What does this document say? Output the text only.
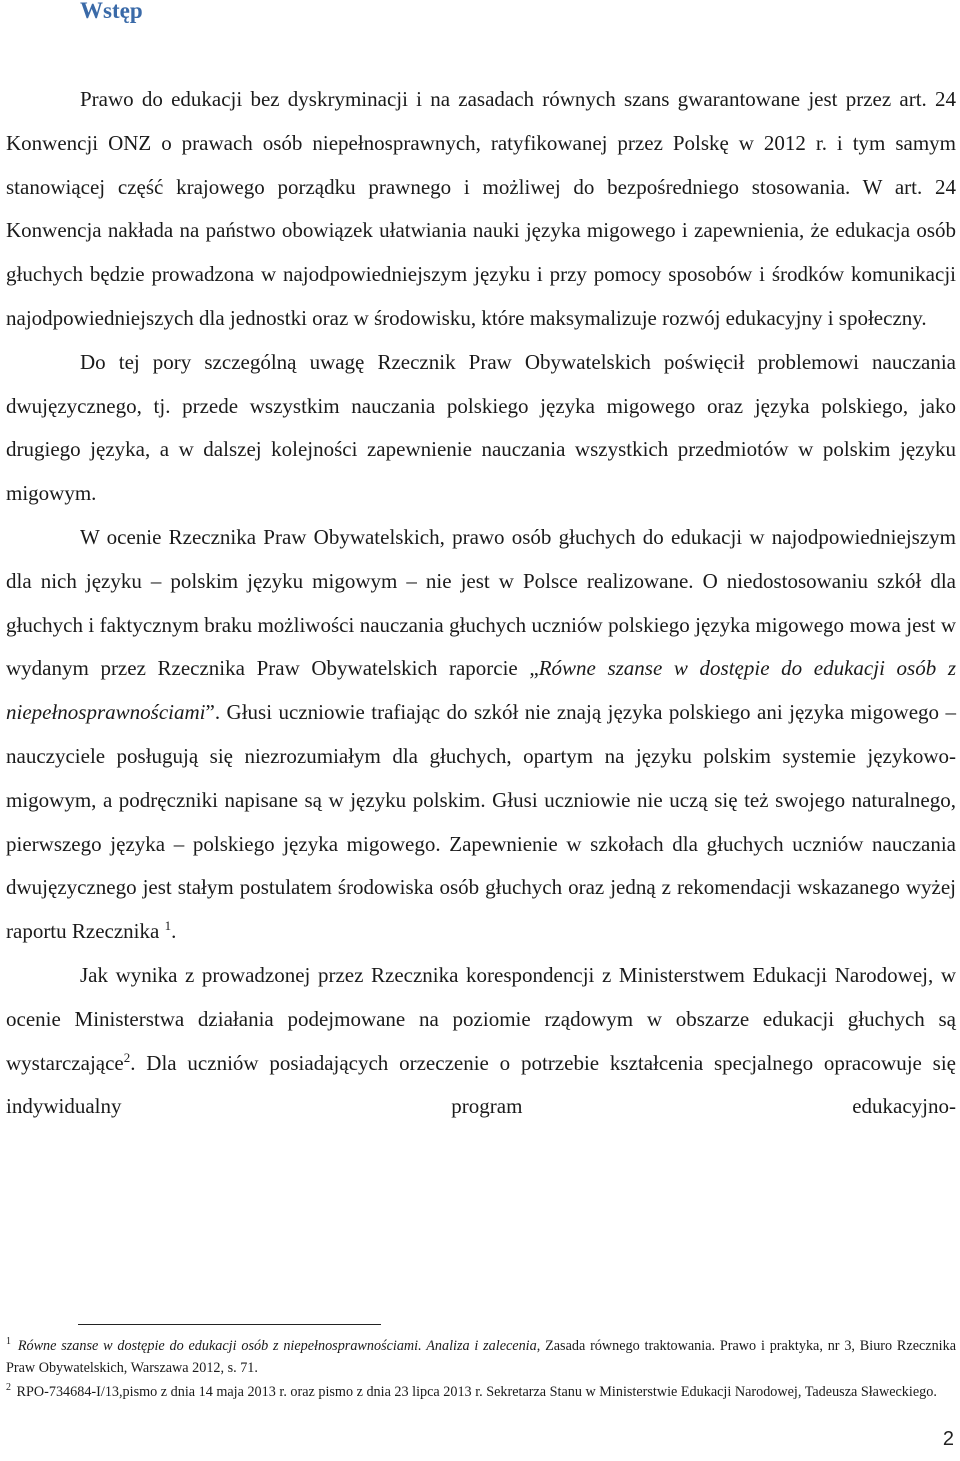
Wstęp

Prawo do edukacji bez dyskryminacji i na zasadach równych szans gwarantowane jest przez art. 24 Konwencji ONZ o prawach osób niepełnosprawnych, ratyfikowanej przez Polskę w 2012 r. i tym samym stanowiącej część krajowego porządku prawnego i możliwej do bezpośredniego stosowania. W art. 24 Konwencja nakłada na państwo obowiązek ułatwiania nauki języka migowego i zapewnienia, że edukacja osób głuchych będzie prowadzona w najodpowiedniejszym języku i przy pomocy sposobów i środków komunikacji najodpowiedniejszych dla jednostki oraz w środowisku, które maksymalizuje rozwój edukacyjny i społeczny.

Do tej pory szczególną uwagę Rzecznik Praw Obywatelskich poświęcił problemowi nauczania dwujęzycznego, tj. przede wszystkim nauczania polskiego języka migowego oraz języka polskiego, jako drugiego języka, a w dalszej kolejności zapewnienie nauczania wszystkich przedmiotów w polskim języku migowym.

W ocenie Rzecznika Praw Obywatelskich, prawo osób głuchych do edukacji w najodpowiedniejszym dla nich języku – polskim języku migowym – nie jest w Polsce realizowane. O niedostosowaniu szkół dla głuchych i faktycznym braku możliwości nauczania głuchych uczniów polskiego języka migowego mowa jest w wydanym przez Rzecznika Praw Obywatelskich raporcie „Równe szanse w dostępie do edukacji osób z niepełnosprawnościami”. Głusi uczniowie trafiając do szkół nie znają języka polskiego ani języka migowego – nauczyciele posługują się niezrozumiałym dla głuchych, opartym na języku polskim systemie językowo-migowym, a podręczniki napisane są w języku polskim. Głusi uczniowie nie uczą się też swojego naturalnego, pierwszego języka – polskiego języka migowego. Zapewnienie w szkołach dla głuchych uczniów nauczania dwujęzycznego jest stałym postulatem środowiska osób głuchych oraz jedną z rekomendacji wskazanego wyżej raportu Rzecznika $^1$.

Jak wynika z prowadzonej przez Rzecznika korespondencji z Ministerstwem Edukacji Narodowej, w ocenie Ministerstwa działania podejmowane na poziomie rządowym w obszarze edukacji głuchych są wystarczające$^2$. Dla uczniów posiadających orzeczenie o potrzebie kształcenia specjalnego opracowuje się indywidualny program edukacyjno-

$^1$ Równe szanse w dostępie do edukacji osób z niepełnosprawnościami. Analiza i zalecenia, Zasada równego traktowania. Prawo i praktyka, nr 3, Biuro Rzecznika Praw Obywatelskich, Warszawa 2012, s. 71.

$^2$ RPO-734684-I/13,pismo z dnia 14 maja 2013 r. oraz pismo z dnia 23 lipca 2013 r. Sekretarza Stanu w Ministerstwie Edukacji Narodowej, Tadeusza Sławeckiego.

2
